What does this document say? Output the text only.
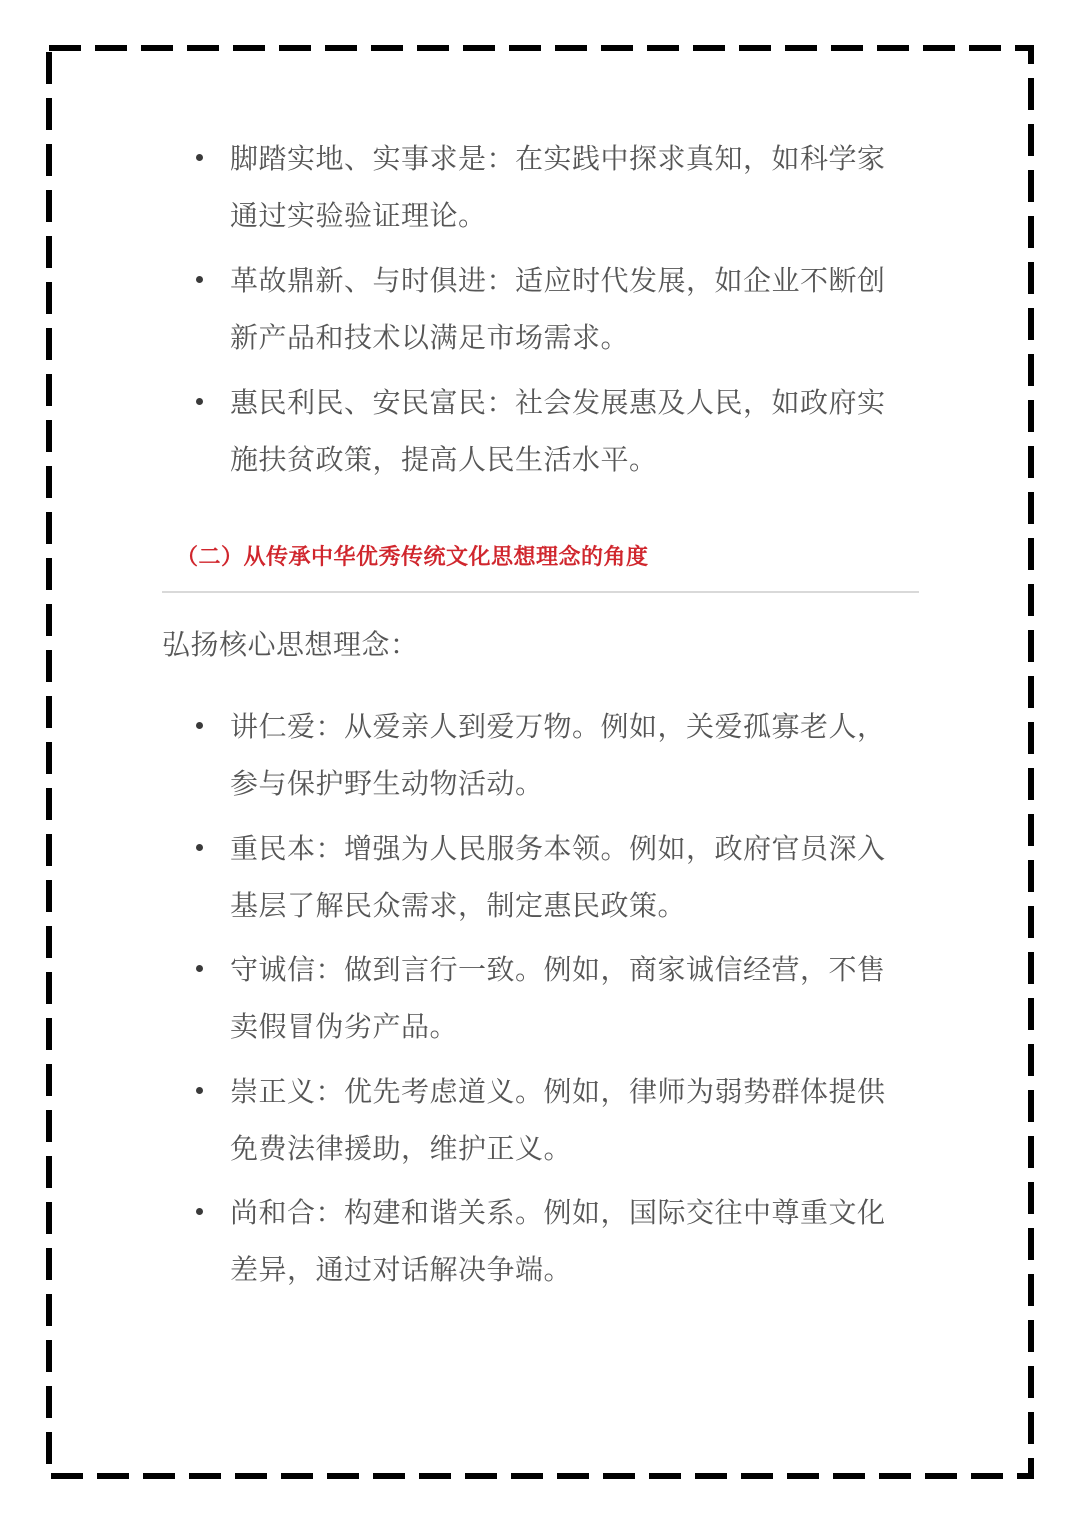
脚踏实地、实事求是：在实践中探求真知，如科学家通过实验验证理论。
革故鼎新、与时俱进：适应时代发展，如企业不断创新产品和技术以满足市场需求。
惠民利民、安民富民：社会发展惠及人民，如政府实施扶贫政策，提高人民生活水平。
（二）从传承中华优秀传统文化思想理念的角度
弘扬核心思想理念：
讲仁爱：从爱亲人到爱万物。例如，关爱孤寡老人，参与保护野生动物活动。
重民本：增强为人民服务本领。例如，政府官员深入基层了解民众需求，制定惠民政策。
守诚信：做到言行一致。例如，商家诚信经营，不售卖假冒伪劣产品。
崇正义：优先考虑道义。例如，律师为弱势群体提供免费法律援助，维护正义。
尚和合：构建和谐关系。例如，国际交往中尊重文化差异，通过对话解决争端。
